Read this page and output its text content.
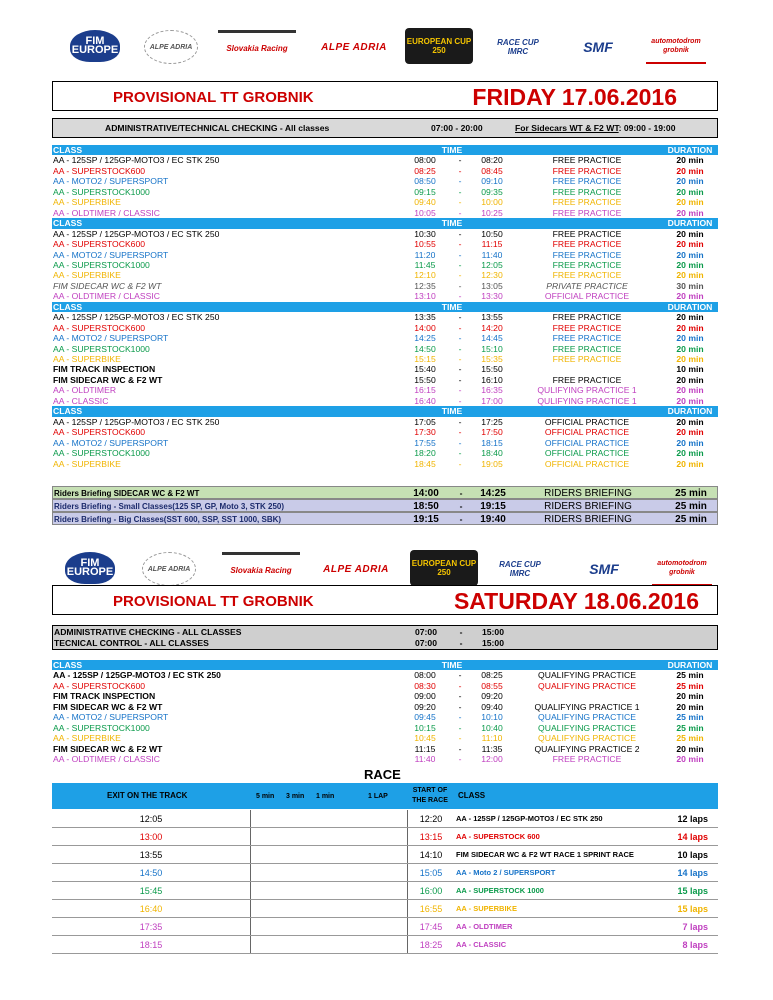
FIM EUROPE	ALPE ADRIA	Slovakia Racing	ALPE ADRIA	EUROPEAN CUP 250
RACE CUP IMRC	SMF	automotodrom grobnik
PROVISIONAL TT GROBNIK	FRIDAY 17.06.2016
ADMINISTRATIVE/TECHNICAL CHECKING - All classes	07:00 - 20:00	For Sidecars WT & F2 WT: 09:00 - 19:00
CLASS	TIME	DURATION
AA - 125SP / 125GP-MOTO3 / EC STK 250	08:00	-	08:20	FREE PRACTICE	20 min
AA - SUPERSTOCK600	08:25	-	08:45	FREE PRACTICE	20 min
AA - MOTO2 / SUPERSPORT	08:50	-	09:10	FREE PRACTICE	20 min
AA - SUPERSTOCK1000	09:15	-	09:35	FREE PRACTICE	20 min
AA - SUPERBIKE	09:40	-	10:00	FREE PRACTICE	20 min
AA - OLDTIMER / CLASSIC	10:05	-	10:25	FREE PRACTICE	20 min
CLASS	TIME	DURATION
AA - 125SP / 125GP-MOTO3 / EC STK 250	10:30	-	10:50	FREE PRACTICE	20 min
AA - SUPERSTOCK600	10:55	-	11:15	FREE PRACTICE	20 min
AA - MOTO2 / SUPERSPORT	11:20	-	11:40	FREE PRACTICE	20 min
AA - SUPERSTOCK1000	11:45	-	12:05	FREE PRACTICE	20 min
AA - SUPERBIKE	12:10	-	12:30	FREE PRACTICE	20 min
FIM SIDECAR WC & F2 WT	12:35	-	13:05	PRIVATE PRACTICE	30 min
AA - OLDTIMER / CLASSIC	13:10	-	13:30	OFFICIAL PRACTICE	20 min
CLASS	TIME	DURATION
AA - 125SP / 125GP-MOTO3 / EC STK 250	13:35	-	13:55	FREE PRACTICE	20 min
AA - SUPERSTOCK600	14:00	-	14:20	FREE PRACTICE	20 min
AA - MOTO2 / SUPERSPORT	14:25	-	14:45	FREE PRACTICE	20 min
AA - SUPERSTOCK1000	14:50	-	15:10	FREE PRACTICE	20 min
AA - SUPERBIKE	15:15	-	15:35	FREE PRACTICE	20 min
FIM TRACK INSPECTION	15:40	-	15:50	10 min
FIM SIDECAR WC & F2 WT	15:50	-	16:10	FREE PRACTICE	20 min
AA - OLDTIMER	16:15	-	16:35	QULIFYING PRACTICE 1	20 min
AA - CLASSIC	16:40	-	17:00	QULIFYING PRACTICE 1	20 min
CLASS	TIME	DURATION
AA - 125SP / 125GP-MOTO3 / EC STK 250	17:05	-	17:25	OFFICIAL PRACTICE	20 min
AA - SUPERSTOCK600	17:30	-	17:50	OFFICIAL PRACTICE	20 min
AA - MOTO2 / SUPERSPORT	17:55	-	18:15	OFFICIAL PRACTICE	20 min
AA - SUPERSTOCK1000	18:20	-	18:40	OFFICIAL PRACTICE	20 min
AA - SUPERBIKE	18:45	-	19:05	OFFICIAL PRACTICE	20 min
Riders Briefing SIDECAR WC & F2 WT	14:00	-	14:25	RIDERS BRIEFING	25 min
Riders Briefing - Small Classes(125 SP, GP, Moto 3, STK 250)	18:50	-	19:15	RIDERS BRIEFING	25 min
Riders Briefing - Big Classes(SST 600, SSP, SST 1000, SBK)	19:15	-	19:40	RIDERS BRIEFING	25 min
FIM EUROPE	ALPE ADRIA	Slovakia Racing	ALPE ADRIA	EUROPEAN CUP 250
RACE CUP IMRC	SMF	automotodrom grobnik
PROVISIONAL TT GROBNIK	SATURDAY 18.06.2016
ADMINISTRATIVE CHECKING - ALL CLASSES	07:00	-	15:00
TECNICAL CONTROL - ALL CLASSES	07:00	-	15:00
CLASS	TIME	DURATION
AA - 125SP / 125GP-MOTO3 / EC STK 250	08:00	-	08:25	QUALIFYING PRACTICE	25 min
AA - SUPERSTOCK600	08:30	-	08:55	QUALIFYING PRACTICE	25 min
FIM TRACK INSPECTION	09:00	-	09:20	20 min
FIM SIDECAR WC & F2 WT	09:20	-	09:40	QUALIFYING PRACTICE 1	20 min
AA - MOTO2 / SUPERSPORT	09:45	-	10:10	QUALIFYING PRACTICE	25 min
AA - SUPERSTOCK1000	10:15	-	10:40	QUALIFYING PRACTICE	25 min
AA - SUPERBIKE	10:45	-	11:10	QUALIFYING PRACTICE	25 min
FIM SIDECAR WC & F2 WT	11:15	-	11:35	QUALIFYING PRACTICE 2	20 min
AA - OLDTIMER / CLASSIC	11:40	-	12:00	FREE PRACTICE	20 min
RACE
EXIT ON THE TRACK	5 min 3 min 1 min	1 LAP
START OF THE RACE
CLASS
12:05	12:20	AA - 125SP / 125GP-MOTO3 / EC STK 250	12 laps
13:00	13:15	AA - SUPERSTOCK 600	14 laps
13:55	14:10	FIM SIDECAR WC & F2 WT RACE 1 SPRINT RACE	10 laps
14:50	15:05	AA - Moto 2 / SUPERSPORT	14 laps
15:45	16:00	AA - SUPERSTOCK 1000	15 laps
16:40	16:55	AA - SUPERBIKE	15 laps
17:35	17:45	AA - OLDTIMER	7 laps
18:15	18:25	AA - CLASSIC	8 laps
